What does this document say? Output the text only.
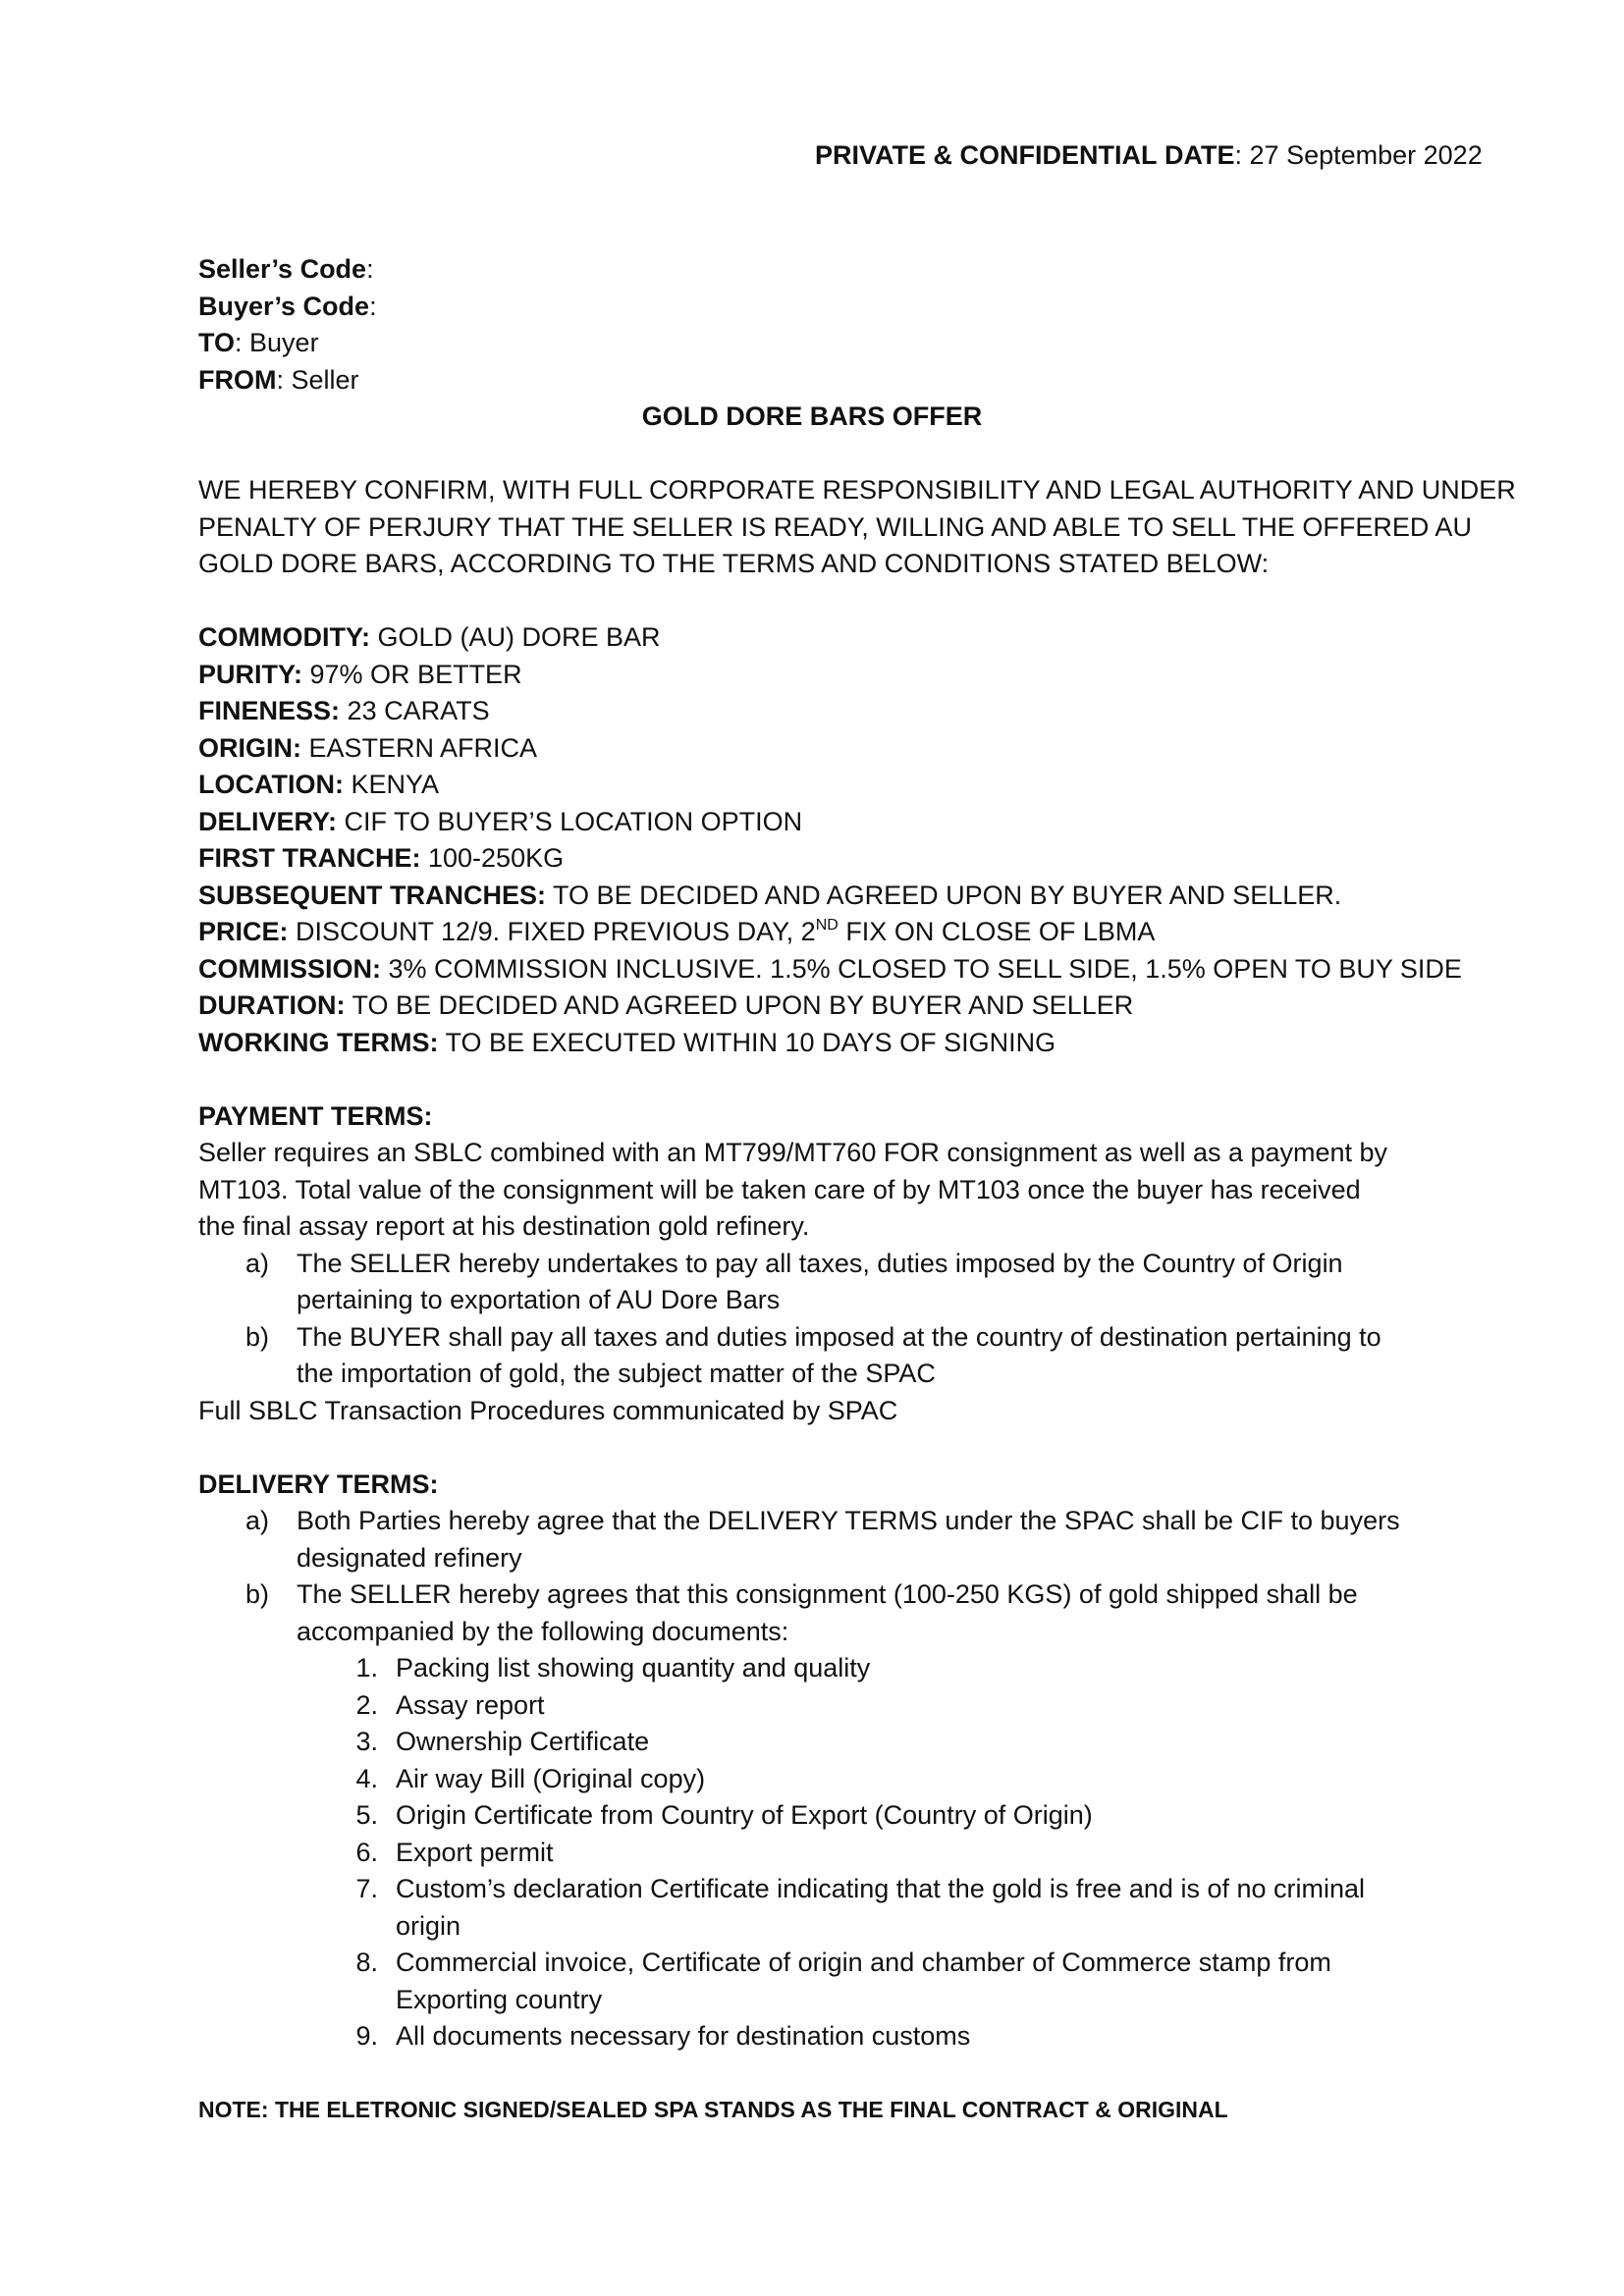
PRIVATE & CONFIDENTIAL DATE: 27 September 2022
Seller’s Code:
Buyer’s Code:
TO: Buyer
FROM: Seller
GOLD DORE BARS OFFER
WE HEREBY CONFIRM, WITH FULL CORPORATE RESPONSIBILITY AND LEGAL AUTHORITY AND UNDER
PENALTY OF PERJURY THAT THE SELLER IS READY, WILLING AND ABLE TO SELL THE OFFERED AU
GOLD DORE BARS, ACCORDING TO THE TERMS AND CONDITIONS STATED BELOW:
COMMODITY: GOLD (AU) DORE BAR
PURITY: 97% OR BETTER
FINENESS: 23 CARATS
ORIGIN: EASTERN AFRICA
LOCATION: KENYA
DELIVERY: CIF TO BUYER’S LOCATION OPTION
FIRST TRANCHE: 100-250KG
SUBSEQUENT TRANCHES: TO BE DECIDED AND AGREED UPON BY BUYER AND SELLER.
PRICE: DISCOUNT 12/9. FIXED PREVIOUS DAY, 2ND FIX ON CLOSE OF LBMA
COMMISSION: 3% COMMISSION INCLUSIVE. 1.5% CLOSED TO SELL SIDE, 1.5% OPEN TO BUY SIDE
DURATION: TO BE DECIDED AND AGREED UPON BY BUYER AND SELLER
WORKING TERMS: TO BE EXECUTED WITHIN 10 DAYS OF SIGNING
PAYMENT TERMS:
Seller requires an SBLC combined with an MT799/MT760 FOR consignment as well as a payment by
MT103. Total value of the consignment will be taken care of by MT103 once the buyer has received
the final assay report at his destination gold refinery.
a) The SELLER hereby undertakes to pay all taxes, duties imposed by the Country of Origin
pertaining to exportation of AU Dore Bars
b) The BUYER shall pay all taxes and duties imposed at the country of destination pertaining to
the importation of gold, the subject matter of the SPAC
Full SBLC Transaction Procedures communicated by SPAC
DELIVERY TERMS:
a) Both Parties hereby agree that the DELIVERY TERMS under the SPAC shall be CIF to buyers
designated refinery
b) The SELLER hereby agrees that this consignment (100-250 KGS) of gold shipped shall be
accompanied by the following documents:
1. Packing list showing quantity and quality
2. Assay report
3. Ownership Certificate
4. Air way Bill (Original copy)
5. Origin Certificate from Country of Export (Country of Origin)
6. Export permit
7. Custom’s declaration Certificate indicating that the gold is free and is of no criminal
origin
8. Commercial invoice, Certificate of origin and chamber of Commerce stamp from
Exporting country
9. All documents necessary for destination customs
NOTE: THE ELETRONIC SIGNED/SEALED SPA STANDS AS THE FINAL CONTRACT & ORIGINAL
